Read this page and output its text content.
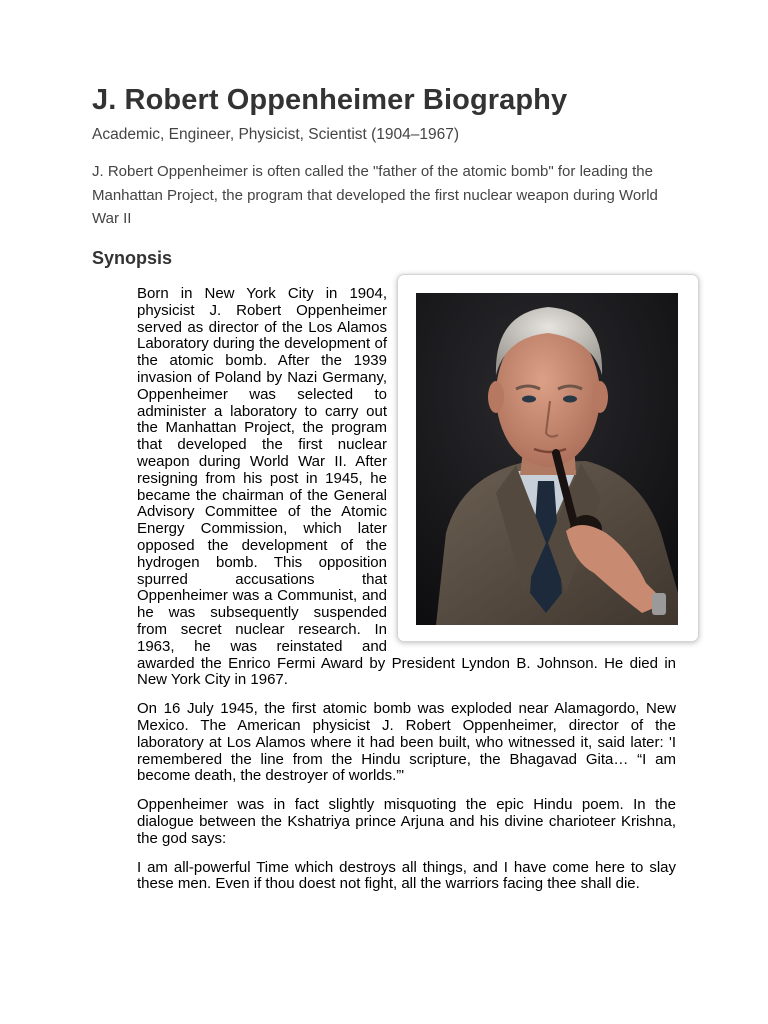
J. Robert Oppenheimer Biography

Academic, Engineer, Physicist, Scientist (1904–1967)

J. Robert Oppenheimer is often called the "father of the atomic bomb" for leading the Manhattan Project, the program that developed the first nuclear weapon during World War II

Synopsis

Born in New York City in 1904, physicist J. Robert Oppenheimer served as director of the Los Alamos Laboratory during the development of the atomic bomb. After the 1939 invasion of Poland by Nazi Germany, Oppenheimer was selected to administer a laboratory to carry out the Manhattan Project, the program that developed the first nuclear weapon during World War II. After resigning from his post in 1945, he became the chairman of the General Advisory Committee of the Atomic Energy Commission, which later opposed the development of the hydrogen bomb. This opposition spurred accusations that Oppenheimer was a Communist, and he was subsequently suspended from secret nuclear research. In 1963, he was reinstated and awarded the Enrico Fermi Award by President Lyndon B. Johnson. He died in New York City in 1967.

On 16 July 1945, the first atomic bomb was exploded near Alamagordo, New Mexico. The American physicist J. Robert Oppenheimer, director of the laboratory at Los Alamos where it had been built, who witnessed it, said later: 'I remembered the line from the Hindu scripture, the Bhagavad Gita… “I am become death, the destroyer of worlds.”'

Oppenheimer was in fact slightly misquoting the epic Hindu poem. In the dialogue between the Kshatriya prince Arjuna and his divine charioteer Krishna, the god says:

I am all-powerful Time which destroys all things, and I have come here to slay these men. Even if thou doest not fight, all the warriors facing thee shall die.
